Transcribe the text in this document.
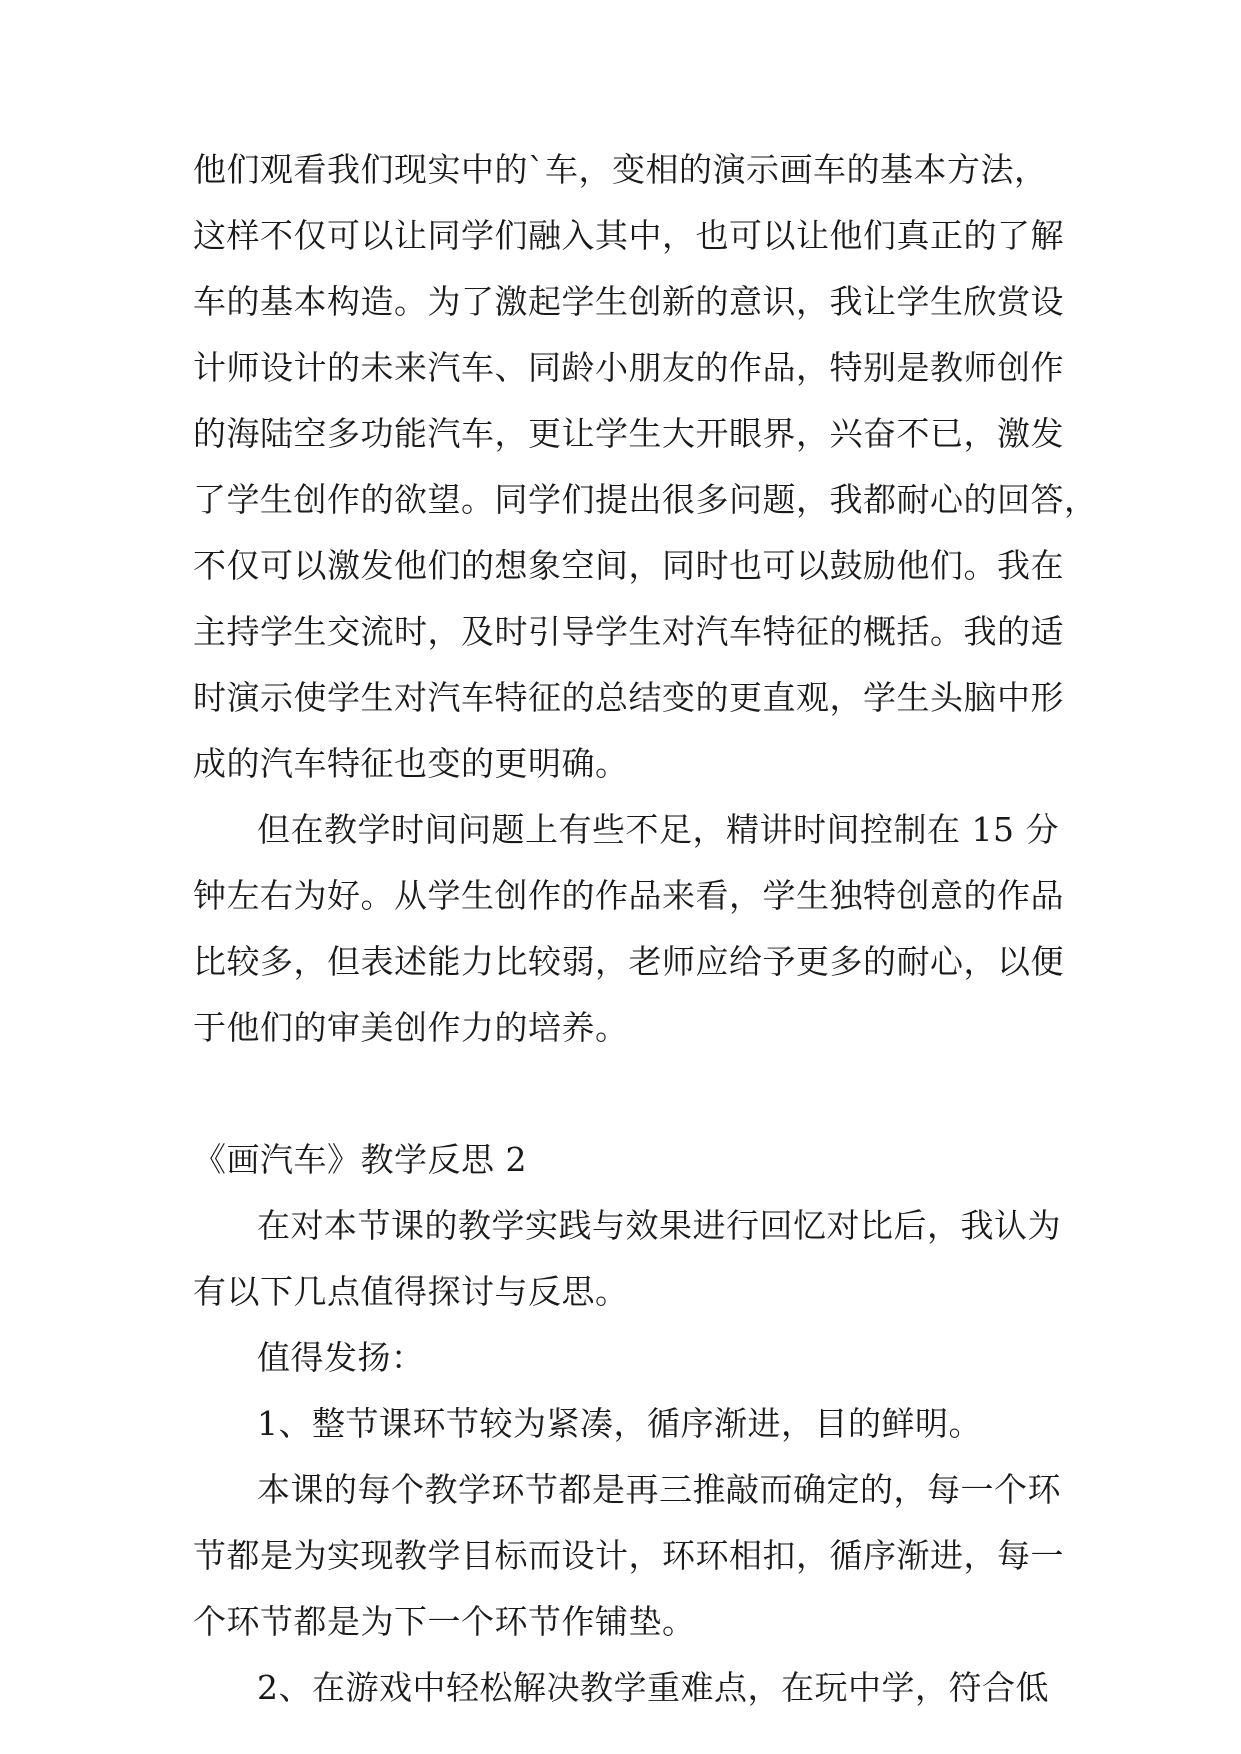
他们观看我们现实中的`车，变相的演示画车的基本方法，
这样不仅可以让同学们融入其中，也可以让他们真正的了解
车的基本构造。为了激起学生创新的意识，我让学生欣赏设
计师设计的未来汽车、同龄小朋友的作品，特别是教师创作
的海陆空多功能汽车，更让学生大开眼界，兴奋不已，激发
了学生创作的欲望。同学们提出很多问题，我都耐心的回答，
不仅可以激发他们的想象空间，同时也可以鼓励他们。我在
主持学生交流时，及时引导学生对汽车特征的概括。我的适
时演示使学生对汽车特征的总结变的更直观，学生头脑中形
成的汽车特征也变的更明确。
但在教学时间问题上有些不足，精讲时间控制在 15 分
钟左右为好。从学生创作的作品来看，学生独特创意的作品
比较多，但表述能力比较弱，老师应给予更多的耐心，以便
于他们的审美创作力的培养。
《画汽车》教学反思 2
在对本节课的教学实践与效果进行回忆对比后，我认为
有以下几点值得探讨与反思。
值得发扬：
1、整节课环节较为紧凑，循序渐进，目的鲜明。
本课的每个教学环节都是再三推敲而确定的，每一个环
节都是为实现教学目标而设计，环环相扣，循序渐进，每一
个环节都是为下一个环节作铺垫。
2、在游戏中轻松解决教学重难点，在玩中学，符合低
